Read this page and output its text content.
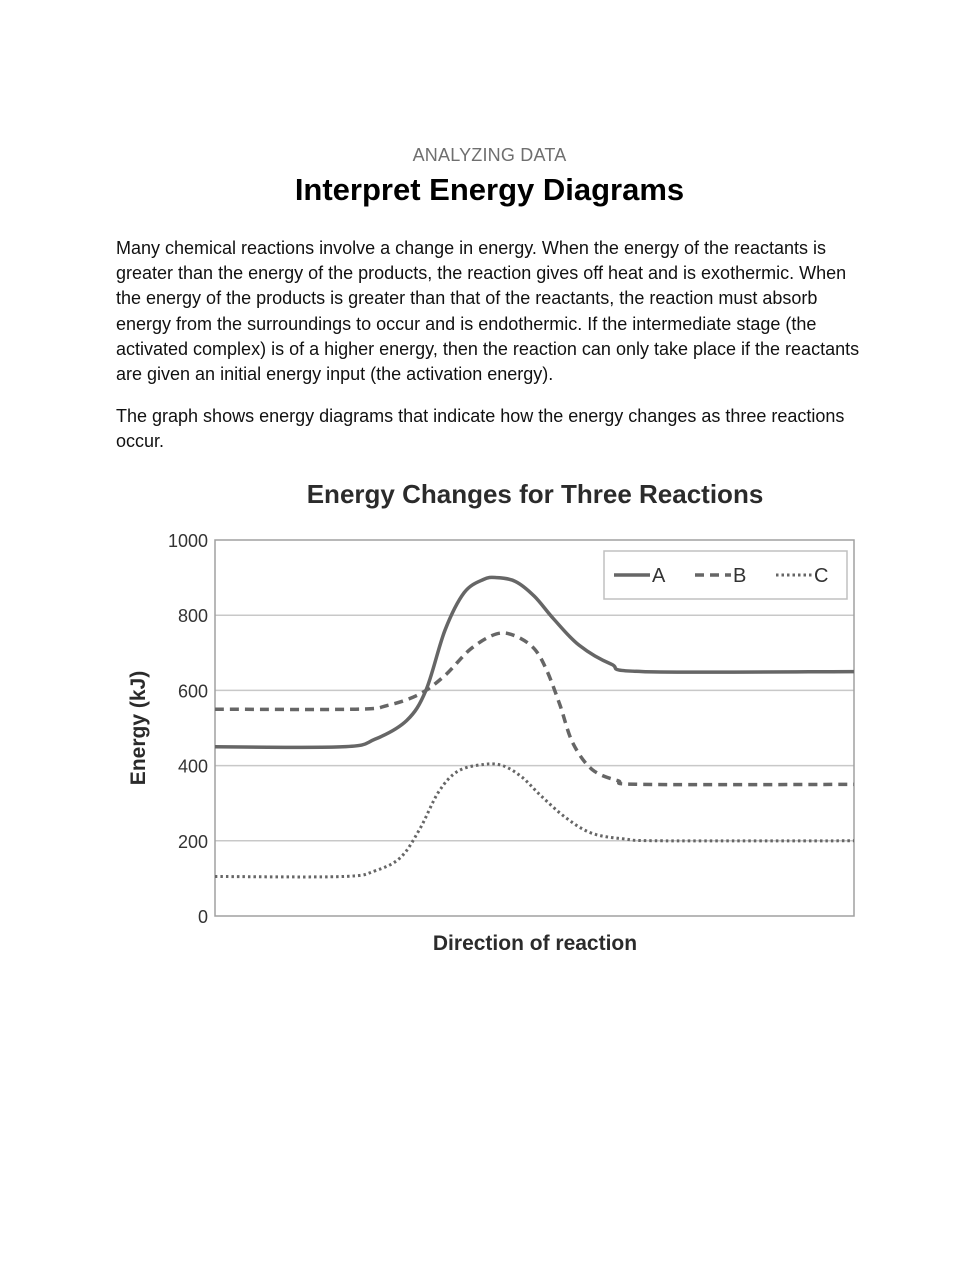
ANALYZING DATA
Interpret Energy Diagrams

Many chemical reactions involve a change in energy. When the energy of the reactants is greater than the energy of the products, the reaction gives off heat and is exothermic. When the energy of the products is greater than that of the reactants, the reaction must absorb energy from the surroundings to occur and is endothermic. If the intermediate stage (the activated complex) is of a higher energy, then the reaction can only take place if the reactants are given an initial energy input (the activation energy).

The graph shows energy diagrams that indicate how the energy changes as three reactions occur.

Energy Changes for Three Reactions
0
200
400
600
800
1000
A	B	C
Direction of reaction
Energy (kJ)
